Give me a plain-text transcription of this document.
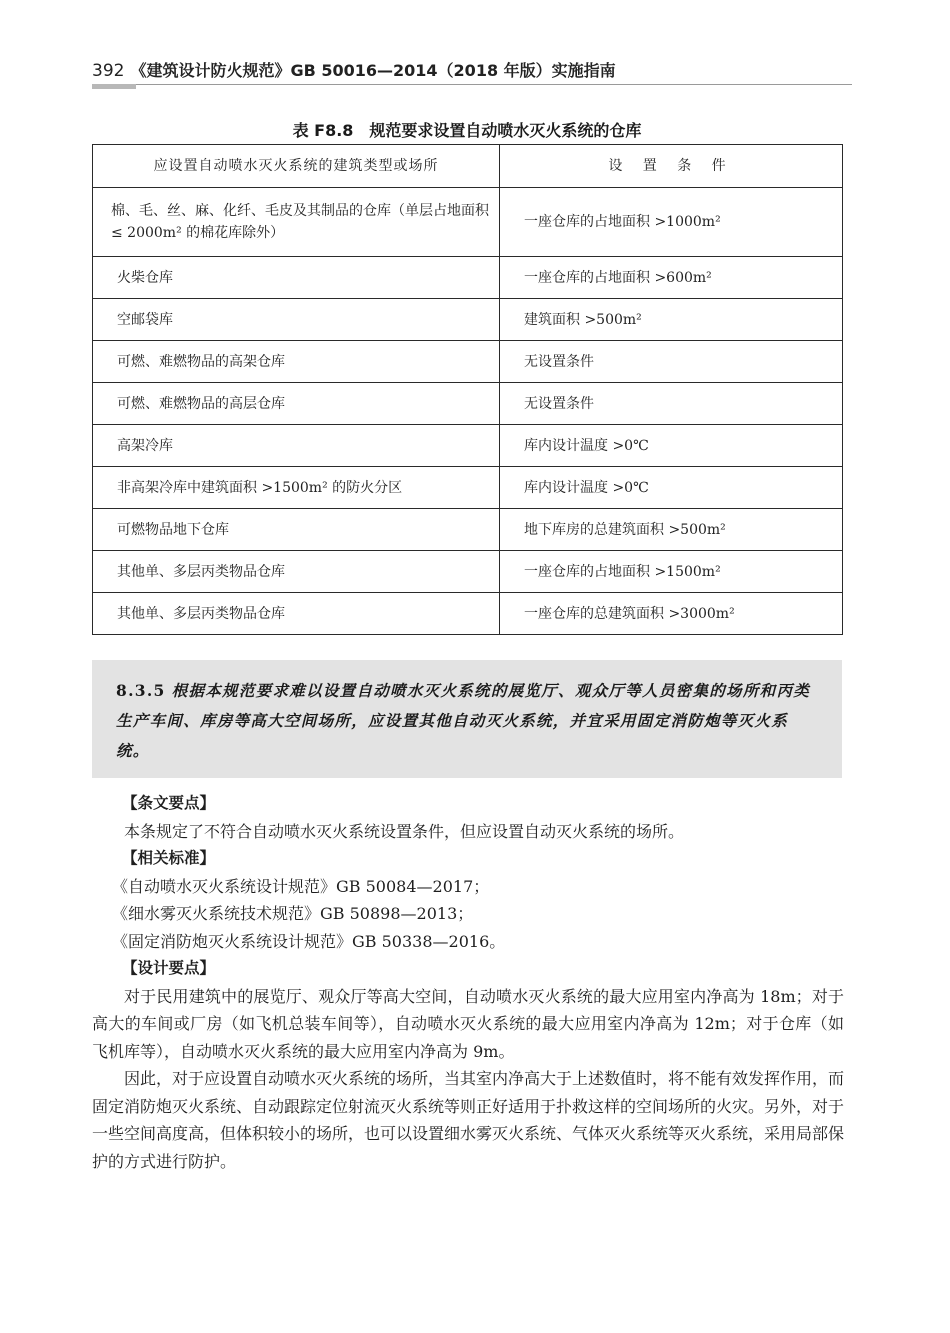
392 《建筑设计防火规范》GB 50016—2014（2018 年版）实施指南
表 F8.8　规范要求设置自动喷水灭火系统的仓库
应设置自动喷水灭火系统的建筑类型或场所	设 置 条 件
棉、毛、丝、麻、化纤、毛皮及其制品的仓库（单层占地面积≤ 2000m² 的棉花库除外）	一座仓库的占地面积 >1000m²
火柴仓库	一座仓库的占地面积 >600m²
空邮袋库	建筑面积 >500m²
可燃、难燃物品的高架仓库	无设置条件
可燃、难燃物品的高层仓库	无设置条件
高架冷库	库内设计温度 >0℃
非高架冷库中建筑面积 >1500m² 的防火分区	库内设计温度 >0℃
可燃物品地下仓库	地下库房的总建筑面积 >500m²
其他单、多层丙类物品仓库	一座仓库的占地面积 >1500m²
其他单、多层丙类物品仓库	一座仓库的总建筑面积 >3000m²
8.3.5 根据本规范要求难以设置自动喷水灭火系统的展览厅、观众厅等人员密集的场所和丙类生产车间、库房等高大空间场所，应设置其他自动灭火系统，并宜采用固定消防炮等灭火系统。
【条文要点】
本条规定了不符合自动喷水灭火系统设置条件，但应设置自动灭火系统的场所。
【相关标准】
《自动喷水灭火系统设计规范》GB 50084—2017；
《细水雾灭火系统技术规范》GB 50898—2013；
《固定消防炮灭火系统设计规范》GB 50338—2016。
【设计要点】
对于民用建筑中的展览厅、观众厅等高大空间，自动喷水灭火系统的最大应用室内净高为 18m；对于高大的车间或厂房（如飞机总装车间等），自动喷水灭火系统的最大应用室内净高为 12m；对于仓库（如飞机库等），自动喷水灭火系统的最大应用室内净高为 9m。
因此，对于应设置自动喷水灭火系统的场所，当其室内净高大于上述数值时，将不能有效发挥作用，而固定消防炮灭火系统、自动跟踪定位射流灭火系统等则正好适用于扑救这样的空间场所的火灾。另外，对于一些空间高度高，但体积较小的场所，也可以设置细水雾灭火系统、气体灭火系统等灭火系统，采用局部保护的方式进行防护。
